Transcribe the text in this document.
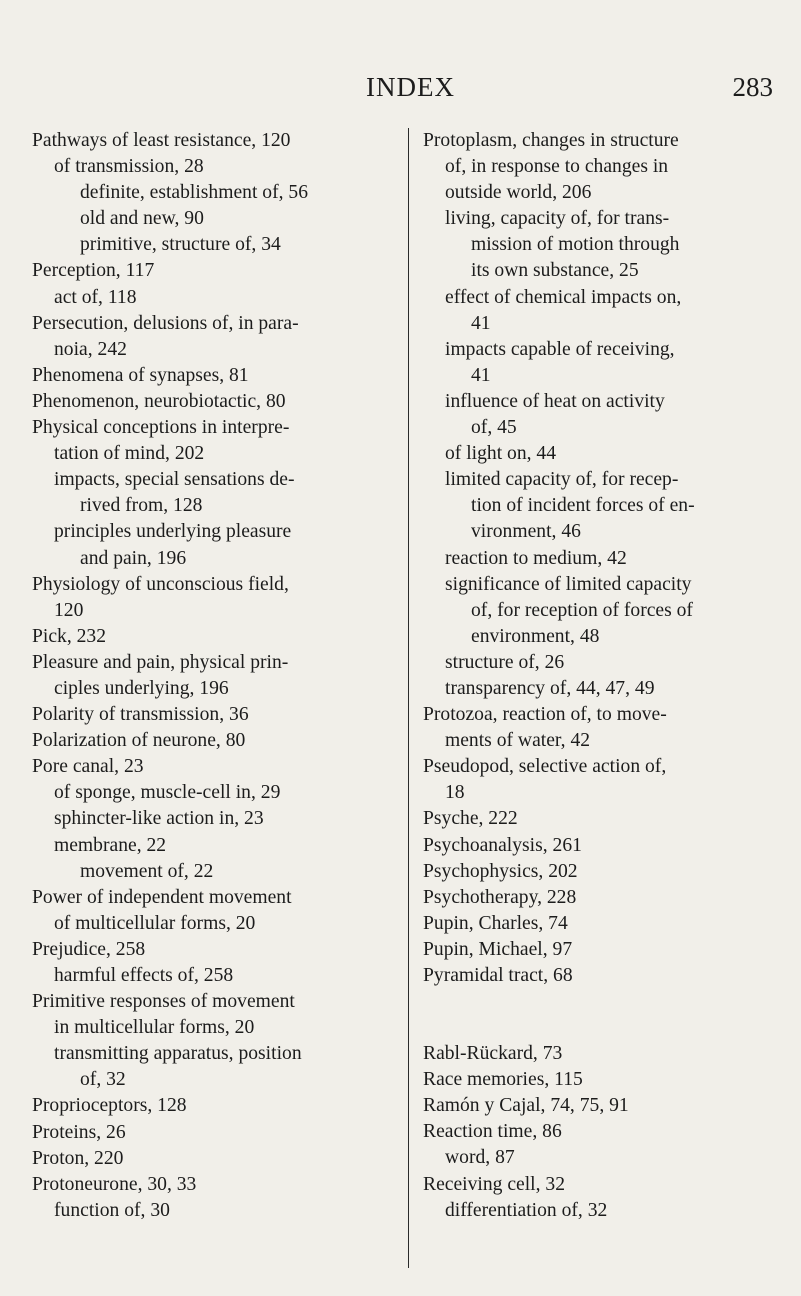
INDEX	283
Pathways of least resistance, 120
of transmission, 28
definite, establishment of, 56
old and new, 90
primitive, structure of, 34
Perception, 117
act of, 118
Persecution, delusions of, in para-
noia, 242
Phenomena of synapses, 81
Phenomenon, neurobiotactic, 80
Physical conceptions in interpre-
tation of mind, 202
impacts, special sensations de-
rived from, 128
principles underlying pleasure
and pain, 196
Physiology of unconscious field,
120
Pick, 232
Pleasure and pain, physical prin-
ciples underlying, 196
Polarity of transmission, 36
Polarization of neurone, 80
Pore canal, 23
of sponge, muscle-cell in, 29
sphincter-like action in, 23
membrane, 22
movement of, 22
Power of independent movement
of multicellular forms, 20
Prejudice, 258
harmful effects of, 258
Primitive responses of movement
in multicellular forms, 20
transmitting apparatus, position
of, 32
Proprioceptors, 128
Proteins, 26
Proton, 220
Protoneurone, 30, 33
function of, 30
Protoplasm, changes in structure
of, in response to changes in
outside world, 206
living, capacity of, for trans-
mission of motion through
its own substance, 25
effect of chemical impacts on,
41
impacts capable of receiving,
41
influence of heat on activity
of, 45
of light on, 44
limited capacity of, for recep-
tion of incident forces of en-
vironment, 46
reaction to medium, 42
significance of limited capacity
of, for reception of forces of
environment, 48
structure of, 26
transparency of, 44, 47, 49
Protozoa, reaction of, to move-
ments of water, 42
Pseudopod, selective action of,
18
Psyche, 222
Psychoanalysis, 261
Psychophysics, 202
Psychotherapy, 228
Pupin, Charles, 74
Pupin, Michael, 97
Pyramidal tract, 68
Rabl-Rückard, 73
Race memories, 115
Ramón y Cajal, 74, 75, 91
Reaction time, 86
word, 87
Receiving cell, 32
differentiation of, 32
